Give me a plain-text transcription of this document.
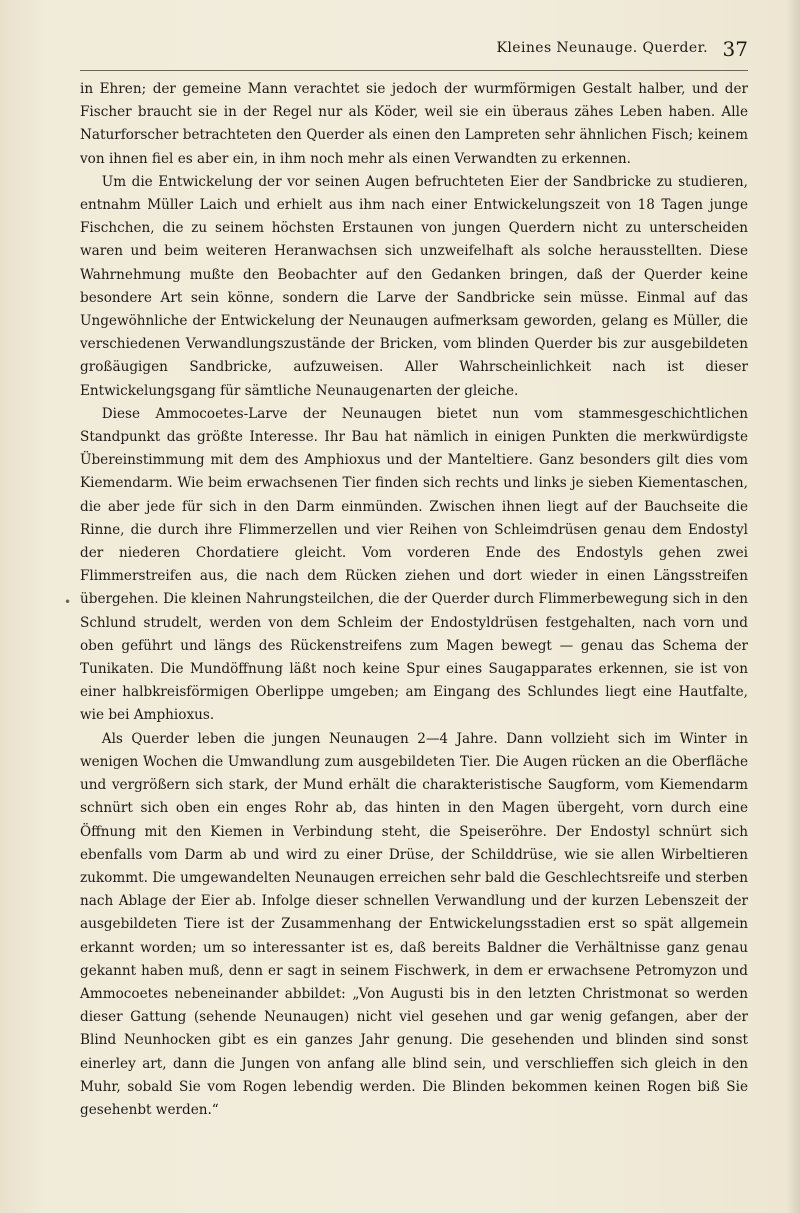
Kleines Neunauge. Querder. 37
•

in Ehren; der gemeine Mann verachtet sie jedoch der wurmförmigen Gestalt halber, und der Fischer braucht sie in der Regel nur als Köder, weil sie ein überaus zähes Leben haben. Alle Naturforscher betrachteten den Querder als einen den Lampreten sehr ähnlichen Fisch; keinem von ihnen fiel es aber ein, in ihm noch mehr als einen Verwandten zu erkennen.

Um die Entwickelung der vor seinen Augen befruchteten Eier der Sandbricke zu studieren, entnahm Müller Laich und erhielt aus ihm nach einer Entwickelungszeit von 18 Tagen junge Fischchen, die zu seinem höchsten Erstaunen von jungen Querdern nicht zu unterscheiden waren und beim weiteren Heranwachsen sich unzweifelhaft als solche herausstellten. Diese Wahrnehmung mußte den Beobachter auf den Gedanken bringen, daß der Querder keine besondere Art sein könne, sondern die Larve der Sandbricke sein müsse. Einmal auf das Ungewöhnliche der Entwickelung der Neunaugen aufmerksam geworden, gelang es Müller, die verschiedenen Verwandlungszustände der Bricken, vom blinden Querder bis zur ausgebildeten großäugigen Sandbricke, aufzuweisen. Aller Wahrscheinlichkeit nach ist dieser Entwickelungsgang für sämtliche Neunaugenarten der gleiche.

Diese Ammocoetes-Larve der Neunaugen bietet nun vom stammesgeschichtlichen Standpunkt das größte Interesse. Ihr Bau hat nämlich in einigen Punkten die merkwürdigste Übereinstimmung mit dem des Amphioxus und der Manteltiere. Ganz besonders gilt dies vom Kiemendarm. Wie beim erwachsenen Tier finden sich rechts und links je sieben Kiementaschen, die aber jede für sich in den Darm einmünden. Zwischen ihnen liegt auf der Bauchseite die Rinne, die durch ihre Flimmerzellen und vier Reihen von Schleimdrüsen genau dem Endostyl der niederen Chordatiere gleicht. Vom vorderen Ende des Endostyls gehen zwei Flimmerstreifen aus, die nach dem Rücken ziehen und dort wieder in einen Längsstreifen übergehen. Die kleinen Nahrungsteilchen, die der Querder durch Flimmerbewegung sich in den Schlund strudelt, werden von dem Schleim der Endostyldrüsen festgehalten, nach vorn und oben geführt und längs des Rückenstreifens zum Magen bewegt — genau das Schema der Tunikaten. Die Mundöffnung läßt noch keine Spur eines Saugapparates erkennen, sie ist von einer halbkreisförmigen Oberlippe umgeben; am Eingang des Schlundes liegt eine Hautfalte, wie bei Amphioxus.

Als Querder leben die jungen Neunaugen 2—4 Jahre. Dann vollzieht sich im Winter in wenigen Wochen die Umwandlung zum ausgebildeten Tier. Die Augen rücken an die Oberfläche und vergrößern sich stark, der Mund erhält die charakteristische Saugform, vom Kiemendarm schnürt sich oben ein enges Rohr ab, das hinten in den Magen übergeht, vorn durch eine Öffnung mit den Kiemen in Verbindung steht, die Speiseröhre. Der Endostyl schnürt sich ebenfalls vom Darm ab und wird zu einer Drüse, der Schilddrüse, wie sie allen Wirbeltieren zukommt. Die umgewandelten Neunaugen erreichen sehr bald die Geschlechtsreife und sterben nach Ablage der Eier ab. Infolge dieser schnellen Verwandlung und der kurzen Lebenszeit der ausgebildeten Tiere ist der Zusammenhang der Entwickelungsstadien erst so spät allgemein erkannt worden; um so interessanter ist es, daß bereits Baldner die Verhältnisse ganz genau gekannt haben muß, denn er sagt in seinem Fischwerk, in dem er erwachsene Petromyzon und Ammocoetes nebeneinander abbildet: „Von Augusti bis in den letzten Christmonat so werden dieser Gattung (sehende Neunaugen) nicht viel gesehen und gar wenig gefangen, aber der Blind Neunhocken gibt es ein ganzes Jahr genung. Die gesehenden und blinden sind sonst einerley art, dann die Jungen von anfang alle blind sein, und verschlieffen sich gleich in den Muhr, sobald Sie vom Rogen lebendig werden. Die Blinden bekommen keinen Rogen biß Sie gesehenbt werden.“
